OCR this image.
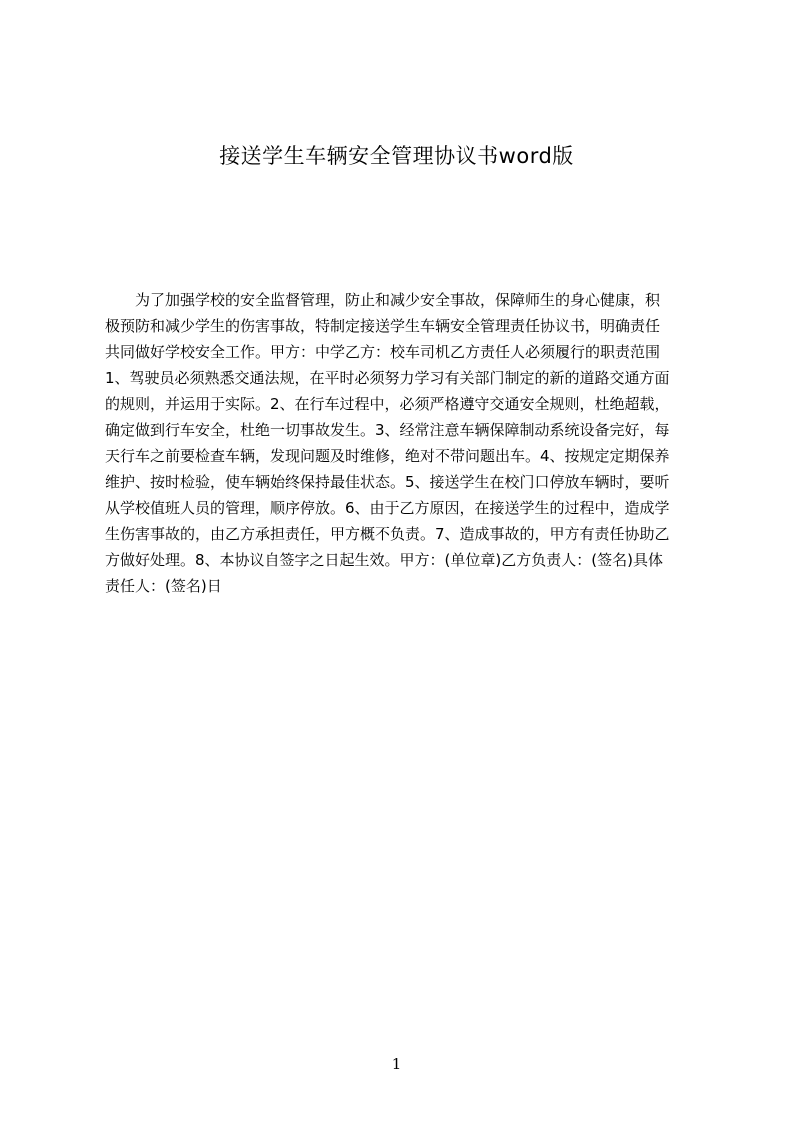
接送学生车辆安全管理协议书word版
为了加强学校的安全监督管理，防止和减少安全事故，保障师生的身心健康，积
极预防和减少学生的伤害事故，特制定接送学生车辆安全管理责任协议书，明确责任
共同做好学校安全工作。甲方：中学乙方：校车司机乙方责任人必须履行的职责范围
1、驾驶员必须熟悉交通法规，在平时必须努力学习有关部门制定的新的道路交通方面
的规则，并运用于实际。2、在行车过程中，必须严格遵守交通安全规则，杜绝超载，
确定做到行车安全，杜绝一切事故发生。3、经常注意车辆保障制动系统设备完好，每
天行车之前要检查车辆，发现问题及时维修，绝对不带问题出车。4、按规定定期保养
维护、按时检验，使车辆始终保持最佳状态。5、接送学生在校门口停放车辆时，要听
从学校值班人员的管理，顺序停放。6、由于乙方原因，在接送学生的过程中，造成学
生伤害事故的，由乙方承担责任，甲方概不负责。7、造成事故的，甲方有责任协助乙
方做好处理。8、本协议自签字之日起生效。甲方：(单位章)乙方负责人：(签名)具体
责任人：(签名)日
1
